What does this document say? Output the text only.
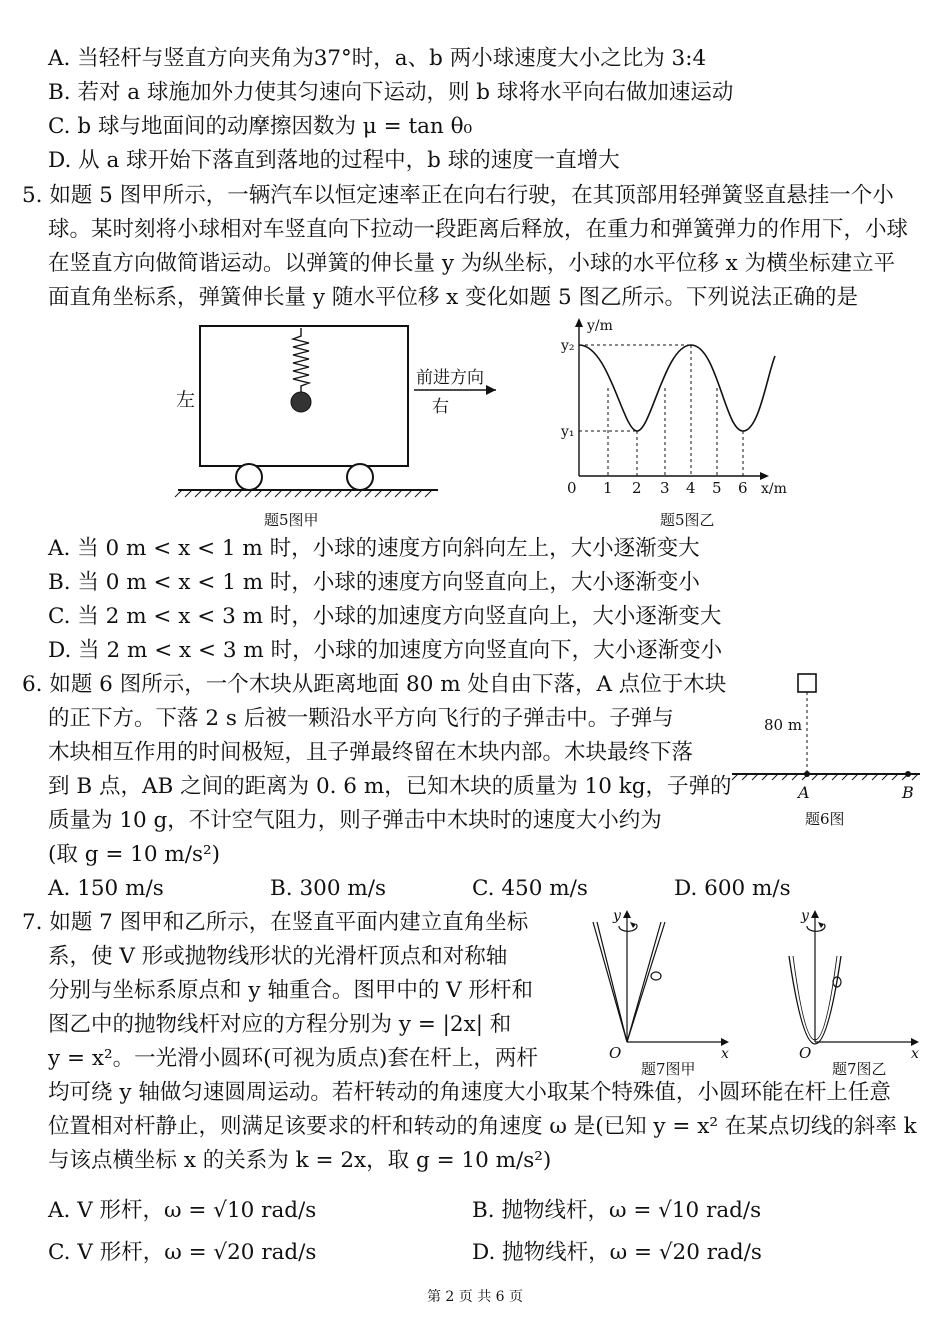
A. 当轻杆与竖直方向夹角为37°时，a、b 两小球速度大小之比为 3:4
B. 若对 a 球施加外力使其匀速向下运动，则 b 球将水平向右做加速运动
C. b 球与地面间的动摩擦因数为 μ = tan θ₀
D. 从 a 球开始下落直到落地的过程中，b 球的速度一直增大
5. 如题 5 图甲所示，一辆汽车以恒定速率正在向右行驶，在其顶部用轻弹簧竖直悬挂一个小
球。某时刻将小球相对车竖直向下拉动一段距离后释放，在重力和弹簧弹力的作用下，小球
在竖直方向做简谐运动。以弹簧的伸长量 y 为纵坐标，小球的水平位移 x 为横坐标建立平
面直角坐标系，弹簧伸长量 y 随水平位移 x 变化如题 5 图乙所示。下列说法正确的是
左
前进方向
右
题5图甲
y/m
y₂
y₁
0 1 2 3 4 5 6 x/m
题5图乙
A. 当 0 m < x < 1 m 时，小球的速度方向斜向左上，大小逐渐变大
B. 当 0 m < x < 1 m 时，小球的速度方向竖直向上，大小逐渐变小
C. 当 2 m < x < 3 m 时，小球的加速度方向竖直向上，大小逐渐变大
D. 当 2 m < x < 3 m 时，小球的加速度方向竖直向下，大小逐渐变小
6. 如题 6 图所示，一个木块从距离地面 80 m 处自由下落，A 点位于木块
的正下方。下落 2 s 后被一颗沿水平方向飞行的子弹击中。子弹与
木块相互作用的时间极短，且子弹最终留在木块内部。木块最终下落
到 B 点，AB 之间的距离为 0. 6 m，已知木块的质量为 10 kg，子弹的
质量为 10 g，不计空气阻力，则子弹击中木块时的速度大小约为
(取 g = 10 m/s²)
80 m
A	B
题6图
A. 150 m/s	B. 300 m/s	C. 450 m/s	D. 600 m/s
7. 如题 7 图甲和乙所示，在竖直平面内建立直角坐标
系，使 V 形或抛物线形状的光滑杆顶点和对称轴
分别与坐标系原点和 y 轴重合。图甲中的 V 形杆和
图乙中的抛物线杆对应的方程分别为 y = |2x| 和
y = x²。一光滑小圆环(可视为质点)套在杆上，两杆
均可绕 y 轴做匀速圆周运动。若杆转动的角速度大小取某个特殊值，小圆环能在杆上任意
位置相对杆静止，则满足该要求的杆和转动的角速度 ω 是(已知 y = x² 在某点切线的斜率 k
与该点横坐标 x 的关系为 k = 2x，取 g = 10 m/s²)
y
x
O
题7图甲
y
x
O
题7图乙
A. V 形杆，ω = √10 rad/s	B. 抛物线杆，ω = √10 rad/s
C. V 形杆，ω = √20 rad/s	D. 抛物线杆，ω = √20 rad/s
第 2 页 共 6 页
